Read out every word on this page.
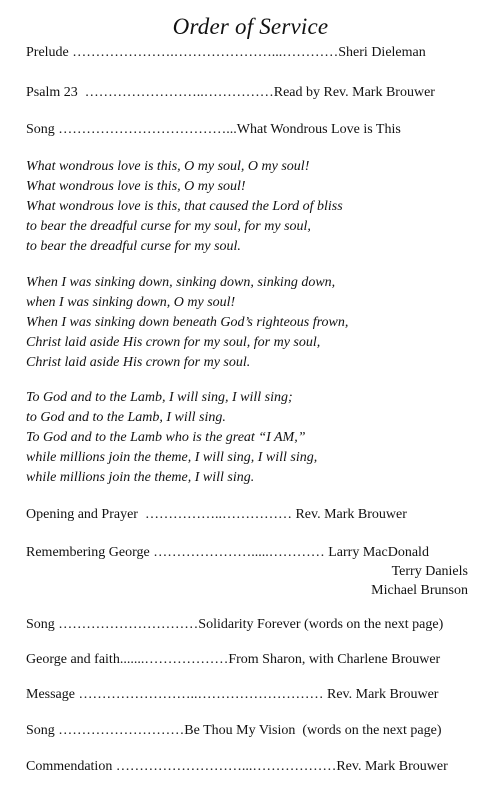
Order of Service
Prelude ………………….…………………...…………Sheri Dieleman
Psalm 23  ……………………..……………Read by Rev. Mark Brouwer
Song ………………………………...What Wondrous Love is This
What wondrous love is this, O my soul, O my soul!
What wondrous love is this, O my soul!
What wondrous love is this, that caused the Lord of bliss
to bear the dreadful curse for my soul, for my soul,
to bear the dreadful curse for my soul.
When I was sinking down, sinking down, sinking down,
when I was sinking down, O my soul!
When I was sinking down beneath God’s righteous frown,
Christ laid aside His crown for my soul, for my soul,
Christ laid aside His crown for my soul.
To God and to the Lamb, I will sing, I will sing;
to God and to the Lamb, I will sing.
To God and to the Lamb who is the great “I AM,”
while millions join the theme, I will sing, I will sing,
while millions join the theme, I will sing.
Opening and Prayer  ……………..…………… Rev. Mark Brouwer
Remembering George ………………….....………… Larry MacDonald
Terry Daniels
Michael Brunson
Song …………………………Solidarity Forever (words on the next page)
George and faith.......………………From Sharon, with Charlene Brouwer
Message ……………………..……………………… Rev. Mark Brouwer
Song ………………………Be Thou My Vision  (words on the next page)
Commendation ………………………...………………Rev. Mark Brouwer
